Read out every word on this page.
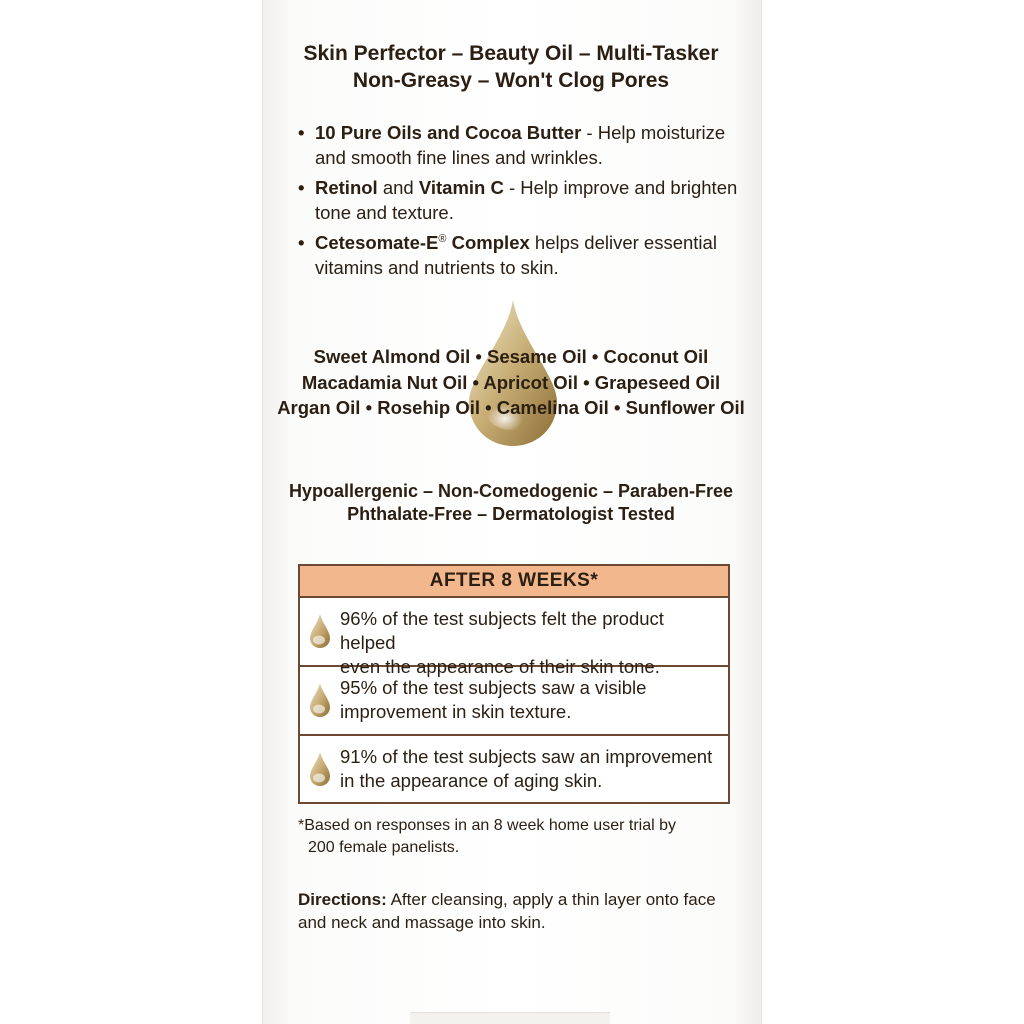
Skin Perfector – Beauty Oil – Multi-Tasker
Non-Greasy – Won't Clog Pores
• 10 Pure Oils and Cocoa Butter - Help moisturize and smooth fine lines and wrinkles.
• Retinol and Vitamin C - Help improve and brighten tone and texture.
• Cetesomate-E® Complex helps deliver essential vitamins and nutrients to skin.
Sweet Almond Oil • Sesame Oil • Coconut Oil
Macadamia Nut Oil • Apricot Oil • Grapeseed Oil
Argan Oil • Rosehip Oil • Camelina Oil • Sunflower Oil
Hypoallergenic – Non-Comedogenic – Paraben-Free
Phthalate-Free – Dermatologist Tested
AFTER 8 WEEKS*
96% of the test subjects felt the product helped
even the appearance of their skin tone.
95% of the test subjects saw a visible
improvement in skin texture.
91% of the test subjects saw an improvement
in the appearance of aging skin.
*Based on responses in an 8 week home user trial by
200 female panelists.
Directions: After cleansing, apply a thin layer onto face and neck and massage into skin.
